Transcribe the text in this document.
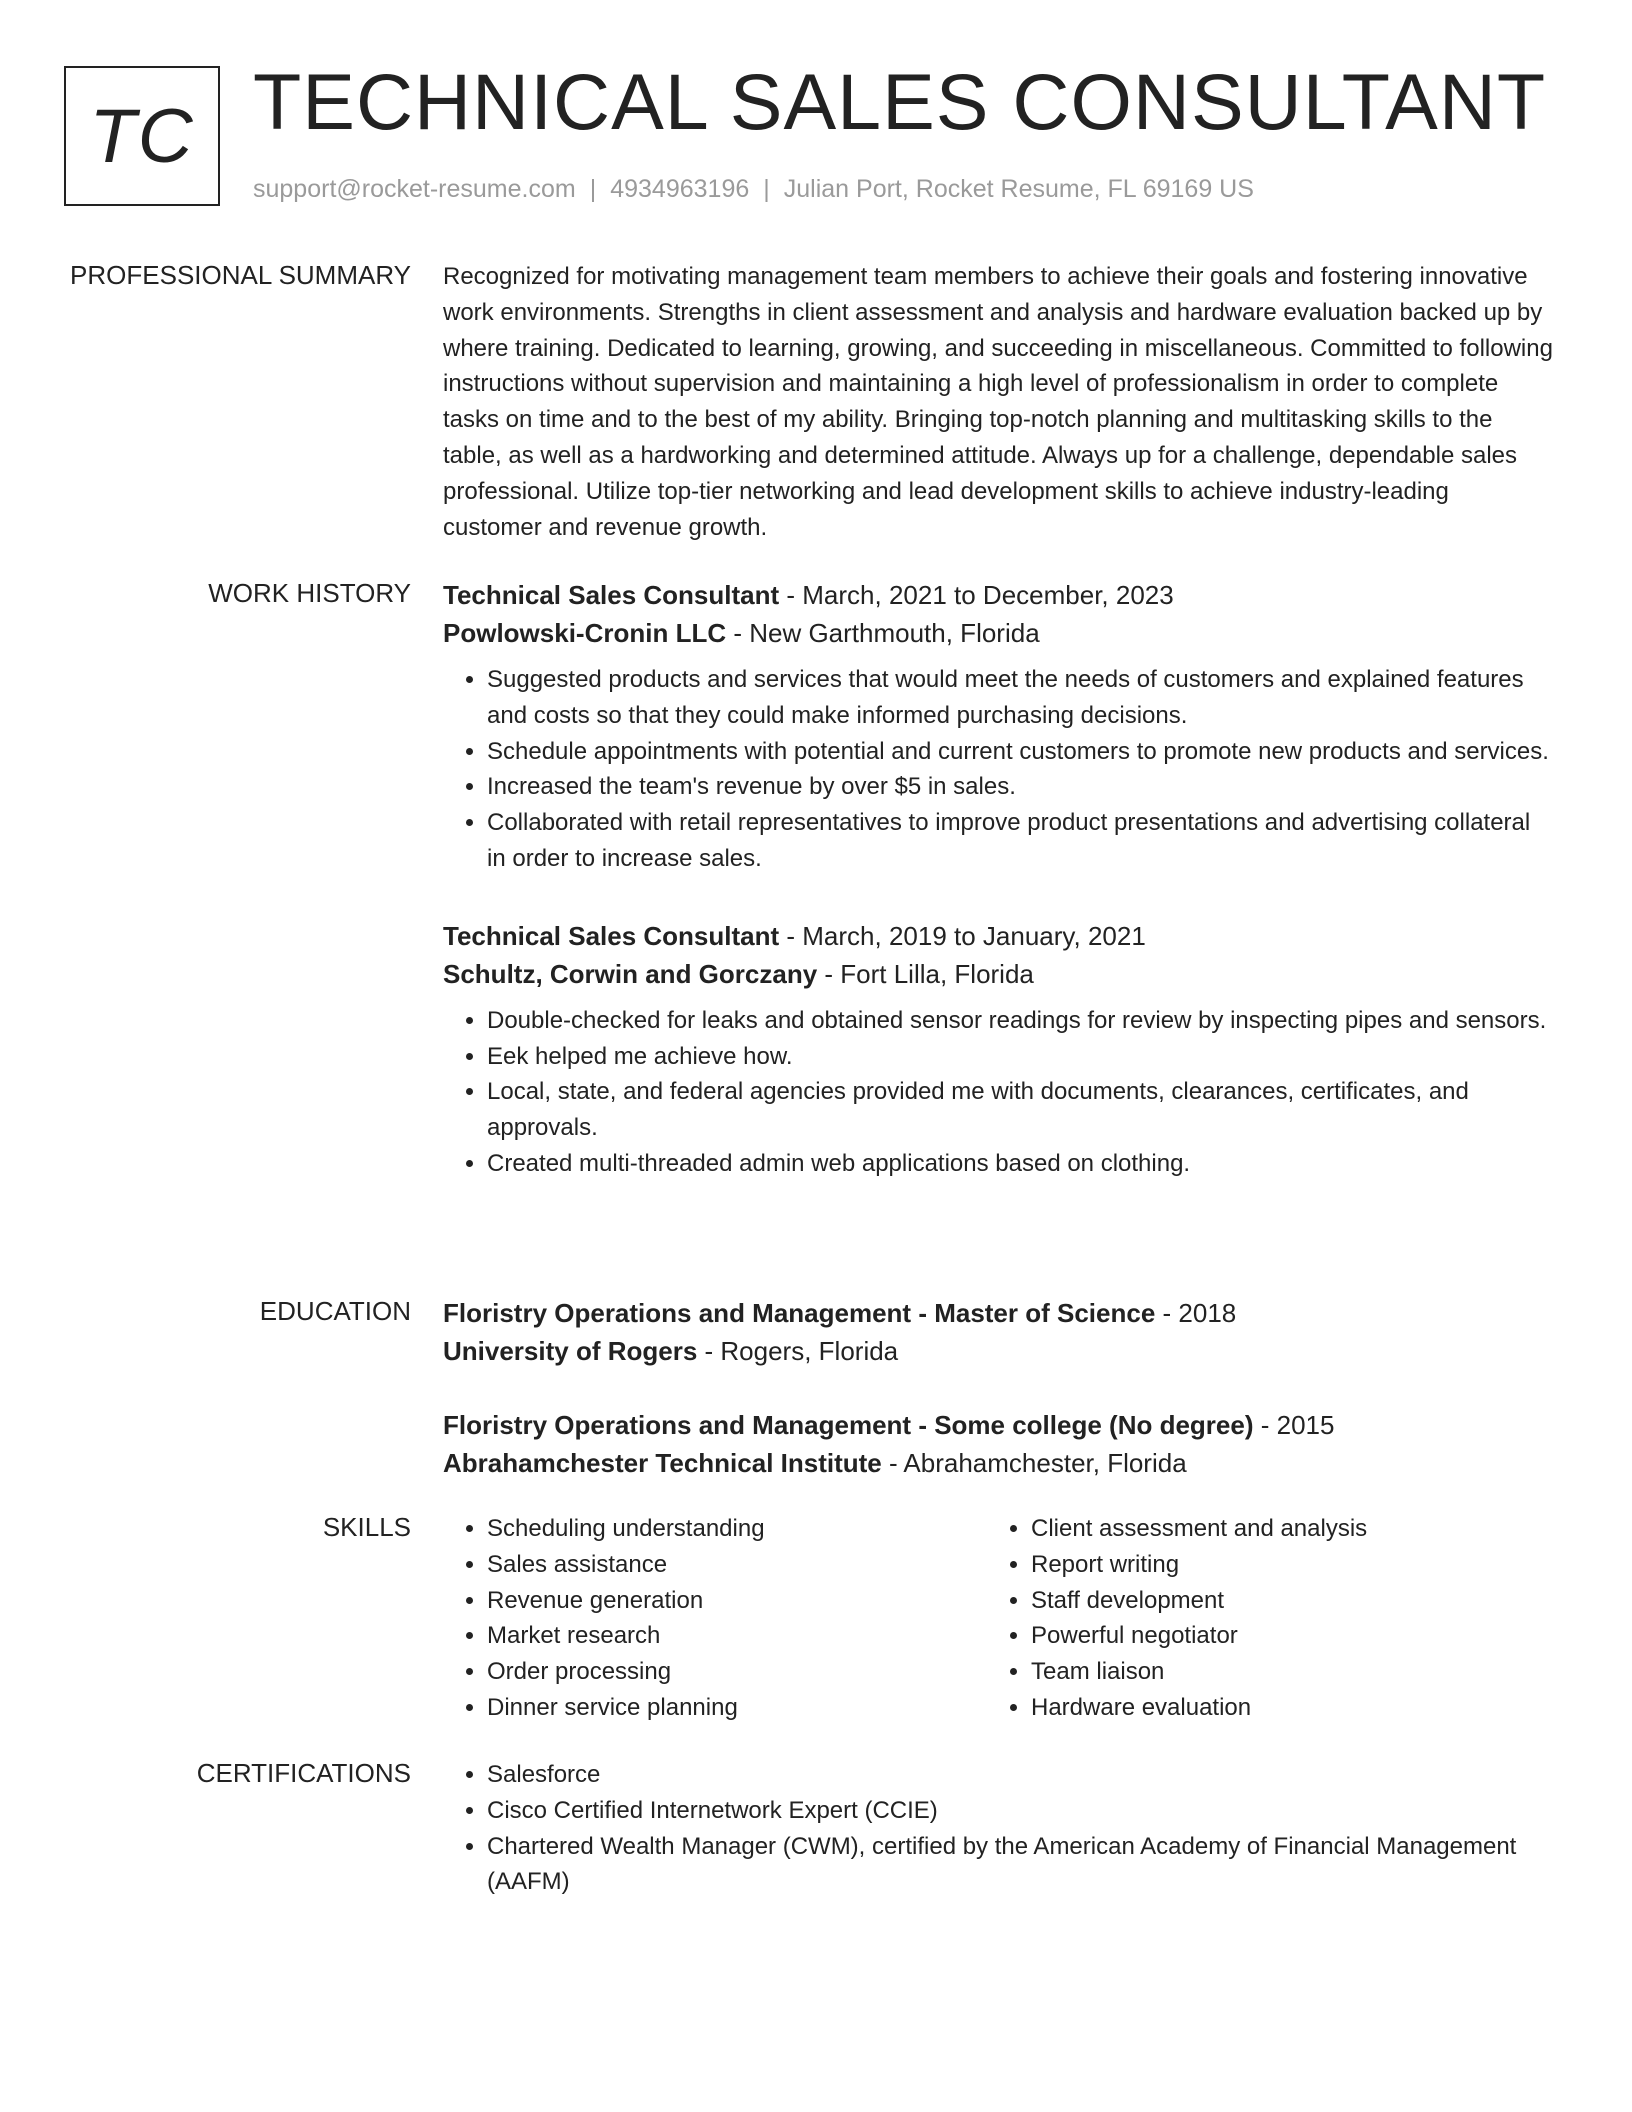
TC TECHNICAL SALES CONSULTANT
support@rocket-resume.com | 4934963196 | Julian Port, Rocket Resume, FL 69169 US
PROFESSIONAL SUMMARY Recognized for motivating management team members to achieve their goals and fostering innovative work environments. Strengths in client assessment and analysis and hardware evaluation backed up by where training. Dedicated to learning, growing, and succeeding in miscellaneous. Committed to following instructions without supervision and maintaining a high level of professionalism in order to complete tasks on time and to the best of my ability. Bringing top-notch planning and multitasking skills to the table, as well as a hardworking and determined attitude. Always up for a challenge, dependable sales professional. Utilize top-tier networking and lead development skills to achieve industry-leading customer and revenue growth.

WORK HISTORY Technical Sales Consultant - March, 2021 to December, 2023

Powlowski-Cronin LLC - New Garthmouth, Florida

• Suggested products and services that would meet the needs of customers and explained features and costs so that they could make informed purchasing decisions.
• Schedule appointments with potential and current customers to promote new products and services.
• Increased the team's revenue by over $5 in sales.
• Collaborated with retail representatives to improve product presentations and advertising collateral in order to increase sales.

Technical Sales Consultant - March, 2019 to January, 2021

Schultz, Corwin and Gorczany - Fort Lilla, Florida

• Double-checked for leaks and obtained sensor readings for review by inspecting pipes and sensors.
• Eek helped me achieve how.
• Local, state, and federal agencies provided me with documents, clearances, certificates, and approvals.
• Created multi-threaded admin web applications based on clothing.
EDUCATION Floristry Operations and Management - Master of Science - 2018

University of Rogers - Rogers, Florida

Floristry Operations and Management - Some college (No degree) - 2015

Abrahamchester Technical Institute - Abrahamchester, Florida

SKILLS	• Scheduling understanding
• Sales assistance
• Revenue generation
• Market research
• Order processing
• Dinner service planning
• Client assessment and analysis
• Report writing
• Staff development
• Powerful negotiator
• Team liaison
• Hardware evaluation
CERTIFICATIONS	• Salesforce
• Cisco Certified Internetwork Expert (CCIE)
• Chartered Wealth Manager (CWM), certified by the American Academy of Financial Management (AAFM)
